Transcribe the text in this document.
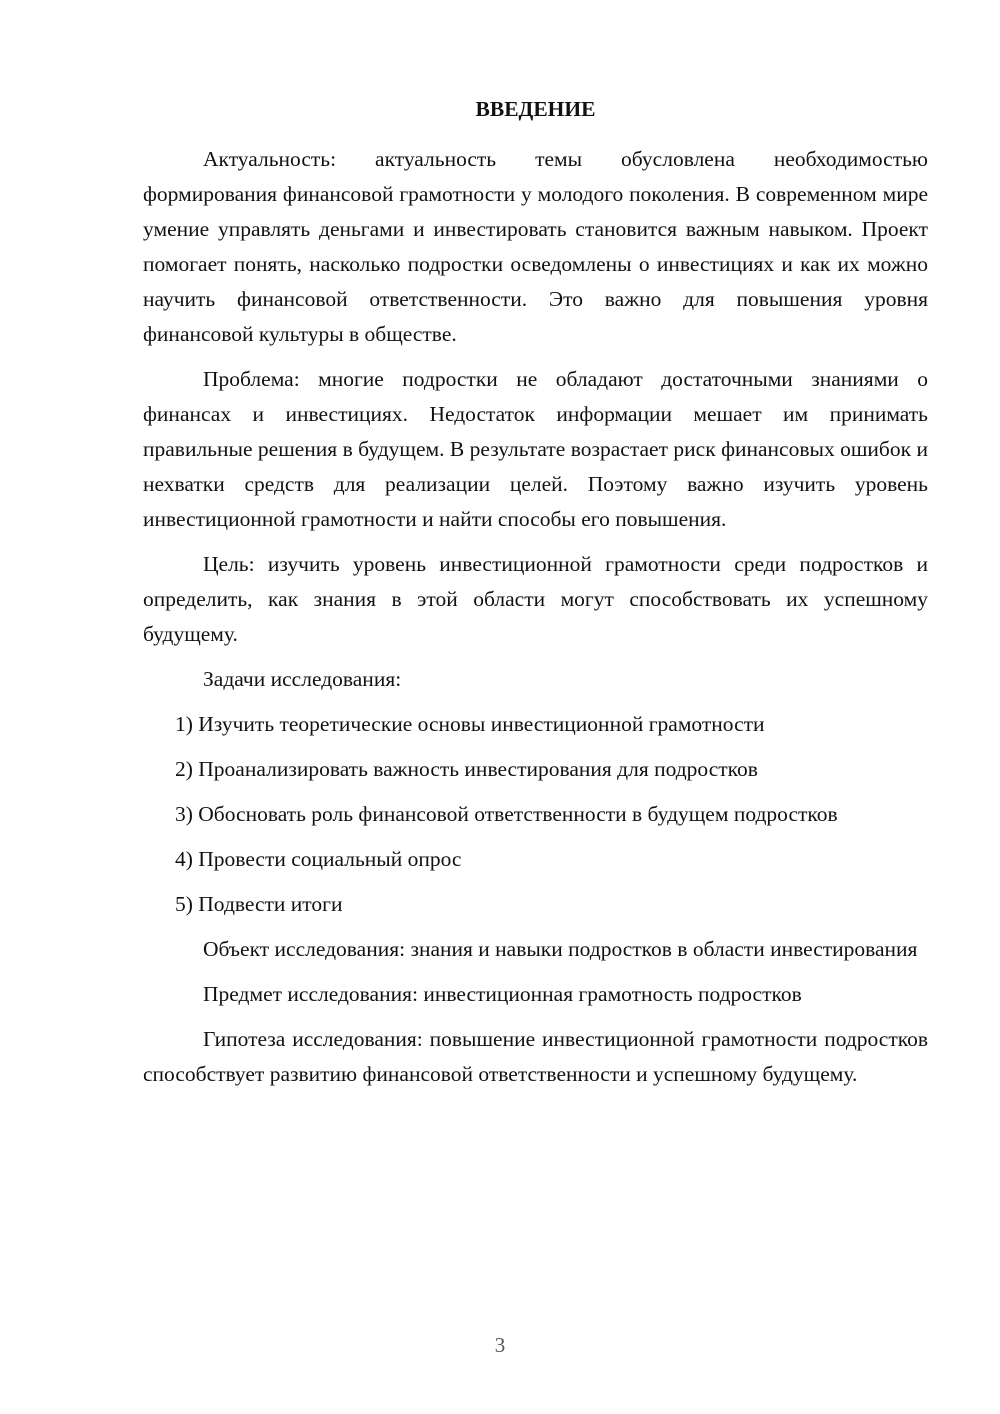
ВВЕДЕНИЕ

Актуальность: актуальность темы обусловлена необходимостью формирования финансовой грамотности у молодого поколения. В современном мире умение управлять деньгами и инвестировать становится важным навыком. Проект помогает понять, насколько подростки осведомлены о инвестициях и как их можно научить финансовой ответственности. Это важно для повышения уровня финансовой культуры в обществе.

Проблема: многие подростки не обладают достаточными знаниями о финансах и инвестициях. Недостаток информации мешает им принимать правильные решения в будущем. В результате возрастает риск финансовых ошибок и нехватки средств для реализации целей. Поэтому важно изучить уровень инвестиционной грамотности и найти способы его повышения.

Цель: изучить уровень инвестиционной грамотности среди подростков и определить, как знания в этой области могут способствовать их успешному будущему.

Задачи исследования:

1) Изучить теоретические основы инвестиционной грамотности

2) Проанализировать важность инвестирования для подростков

3) Обосновать роль финансовой ответственности в будущем подростков

4) Провести социальный опрос

5) Подвести итоги

Объект исследования: знания и навыки подростков в области инвестирования

Предмет исследования: инвестиционная грамотность подростков

Гипотеза исследования: повышение инвестиционной грамотности подростков способствует развитию финансовой ответственности и успешному будущему.

3
